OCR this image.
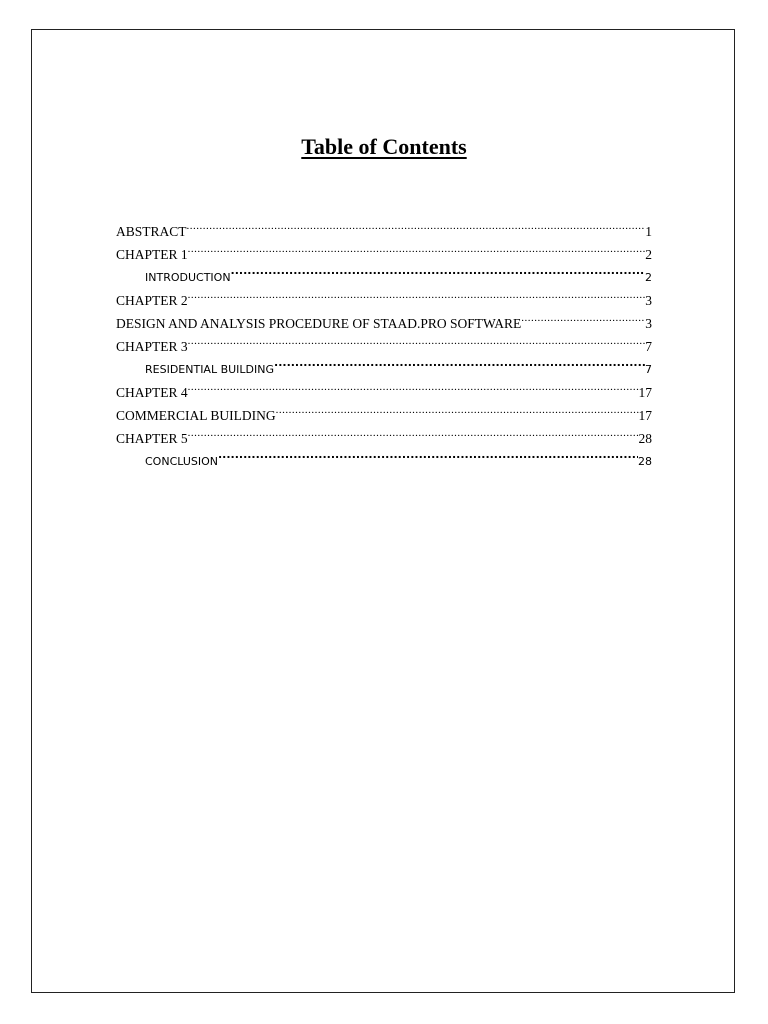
Table of Contents
ABSTRACT .....	1
CHAPTER 1 .....	2
INTRODUCTION .....	2
CHAPTER 2 .....	3
DESIGN AND ANALYSIS PROCEDURE OF STAAD.PRO SOFTWARE .....	3
CHAPTER 3 .....	7
RESIDENTIAL BUILDING .....	7
CHAPTER 4 .....	17
COMMERCIAL BUILDING .....	17
CHAPTER 5 .....	28
CONCLUSION .....	28
